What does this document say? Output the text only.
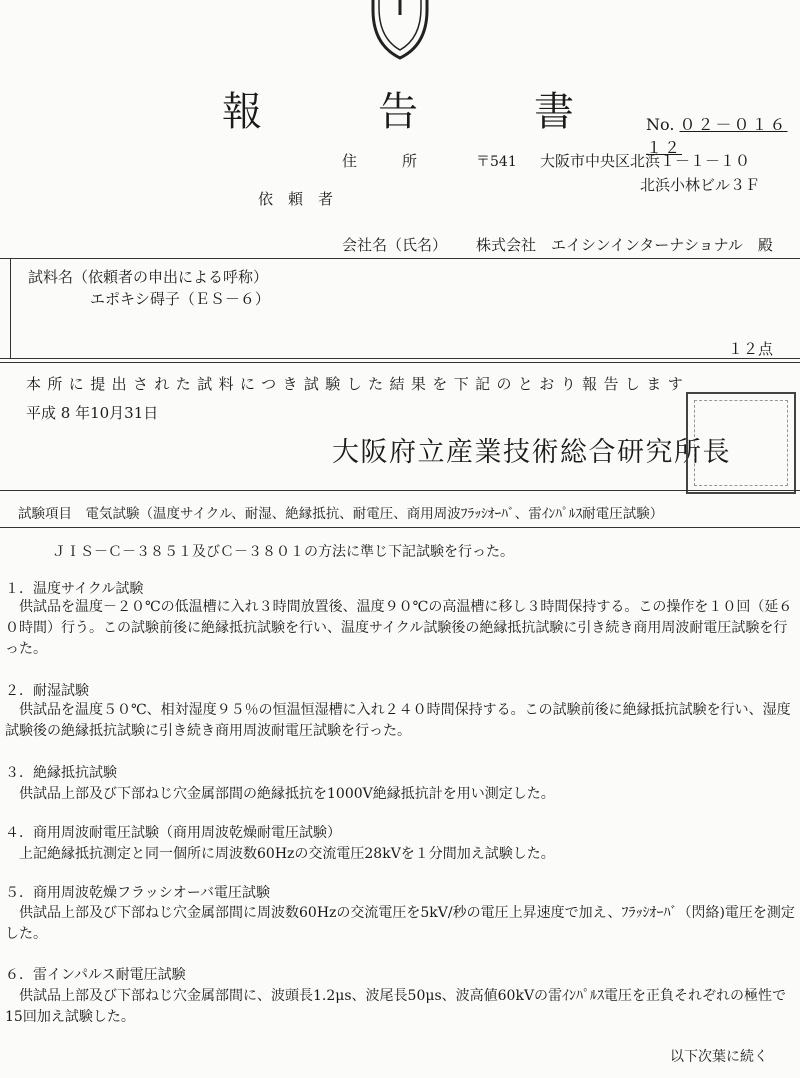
報	告	書	No. ０２－０１６１２
住　　　所	〒541 大阪市中央区北浜１－１－１０
北浜小林ビル３Ｆ
依　頼　者
会社名（氏名） 株式会社　エイシンインターナショナル　殿
試料名（依頼者の申出による呼称）
エポキシ碍子（ＥＳ－６）
１２点
本所に提出された試料につき試験した結果を下記のとおり報告します
平成 8 年10月31日
大阪府立産業技術総合研究所長
試験項目　電気試験（温度サイクル、耐湿、絶縁抵抗、耐電圧、商用周波ﾌﾗｯｼｵｰﾊﾞ、雷ｲﾝﾊﾟﾙｽ耐電圧試験）
ＪＩＳ－Ｃ－３８５１及びＣ－３８０１の方法に準じ下記試験を行った。
１．温度サイクル試験
　供試品を温度－２０℃の低温槽に入れ３時間放置後、温度９０℃の高温槽に移し３時間保持する。この操作を１０回（延６０時間）行う。この試験前後に絶縁抵抗試験を行い、温度サイクル試験後の絶縁抵抗試験に引き続き商用周波耐電圧試験を行った。
２．耐湿試験
　供試品を温度５０℃、相対湿度９５％の恒温恒湿槽に入れ２４０時間保持する。この試験前後に絶縁抵抗試験を行い、湿度試験後の絶縁抵抗試験に引き続き商用周波耐電圧試験を行った。
３．絶縁抵抗試験
　供試品上部及び下部ねじ穴金属部間の絶縁抵抗を1000V絶縁抵抗計を用い測定した。
４．商用周波耐電圧試験（商用周波乾燥耐電圧試験）
　上記絶縁抵抗測定と同一個所に周波数60Hzの交流電圧28kVを１分間加え試験した。
５．商用周波乾燥フラッシオーバ電圧試験
　供試品上部及び下部ねじ穴金属部間に周波数60Hzの交流電圧を5kV/秒の電圧上昇速度で加え、ﾌﾗｯｼｵｰﾊﾞ（閃絡)電圧を測定した。
６．雷インパルス耐電圧試験
　供試品上部及び下部ねじ穴金属部間に、波頭長1.2μs、波尾長50μs、波高値60kVの雷ｲﾝﾊﾟﾙｽ電圧を正負それぞれの極性で15回加え試験した。
以下次葉に続く
